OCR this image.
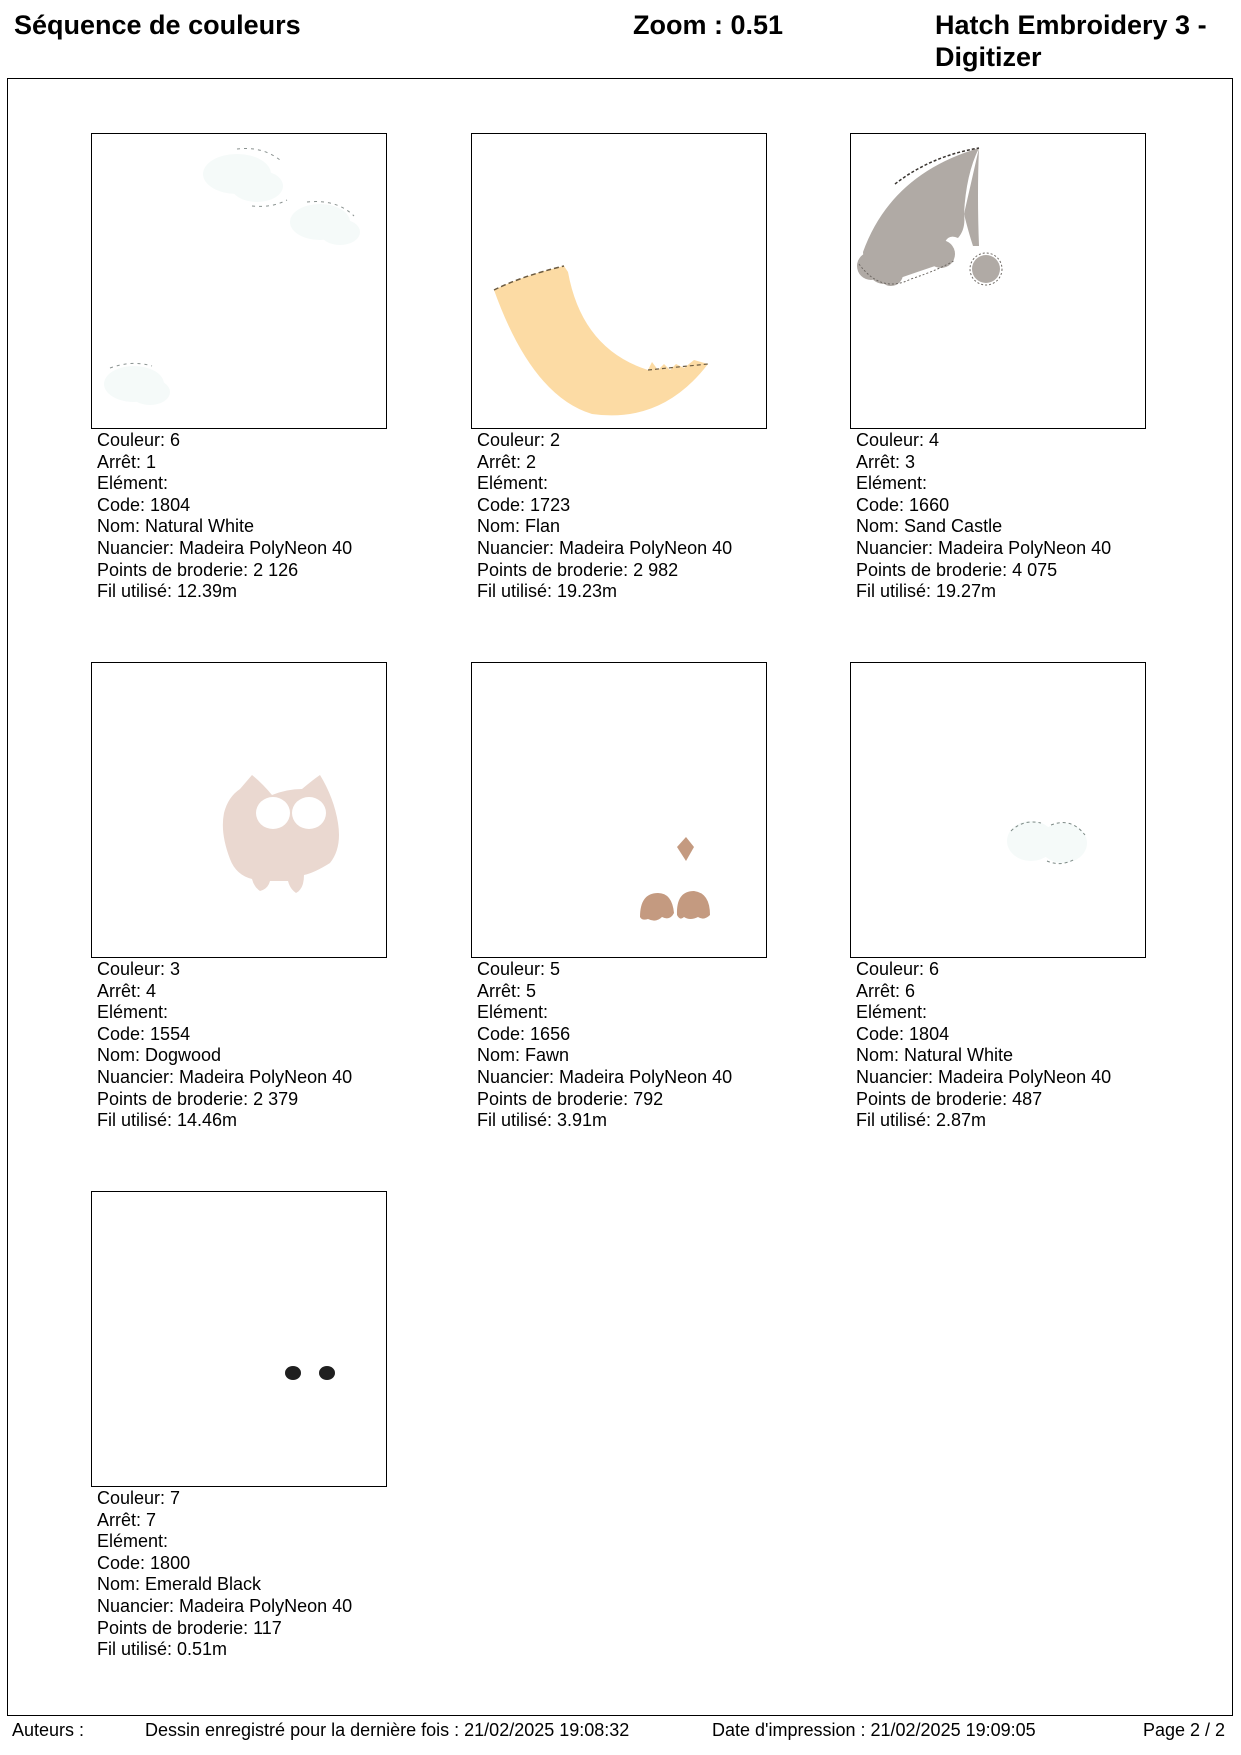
Séquence de couleurs	Zoom : 0.51	Hatch Embroidery 3 - Digitizer
Couleur: 6
Arrêt: 1
Elément:
Code: 1804
Nom: Natural White
Nuancier: Madeira PolyNeon 40
Points de broderie: 2 126
Fil utilisé: 12.39m
Couleur: 2
Arrêt: 2
Elément:
Code: 1723
Nom: Flan
Nuancier: Madeira PolyNeon 40
Points de broderie: 2 982
Fil utilisé: 19.23m
Couleur: 4
Arrêt: 3
Elément:
Code: 1660
Nom: Sand Castle
Nuancier: Madeira PolyNeon 40
Points de broderie: 4 075
Fil utilisé: 19.27m
Couleur: 3
Arrêt: 4
Elément:
Code: 1554
Nom: Dogwood
Nuancier: Madeira PolyNeon 40
Points de broderie: 2 379
Fil utilisé: 14.46m
Couleur: 5
Arrêt: 5
Elément:
Code: 1656
Nom: Fawn
Nuancier: Madeira PolyNeon 40
Points de broderie: 792
Fil utilisé: 3.91m
Couleur: 6
Arrêt: 6
Elément:
Code: 1804
Nom: Natural White
Nuancier: Madeira PolyNeon 40
Points de broderie: 487
Fil utilisé: 2.87m
Couleur: 7
Arrêt: 7
Elément:
Code: 1800
Nom: Emerald Black
Nuancier: Madeira PolyNeon 40
Points de broderie: 117
Fil utilisé: 0.51m
Auteurs :	Dessin enregistré pour la dernière fois : 21/02/2025 19:08:32	Date d'impression : 21/02/2025 19:09:05	Page 2 / 2
